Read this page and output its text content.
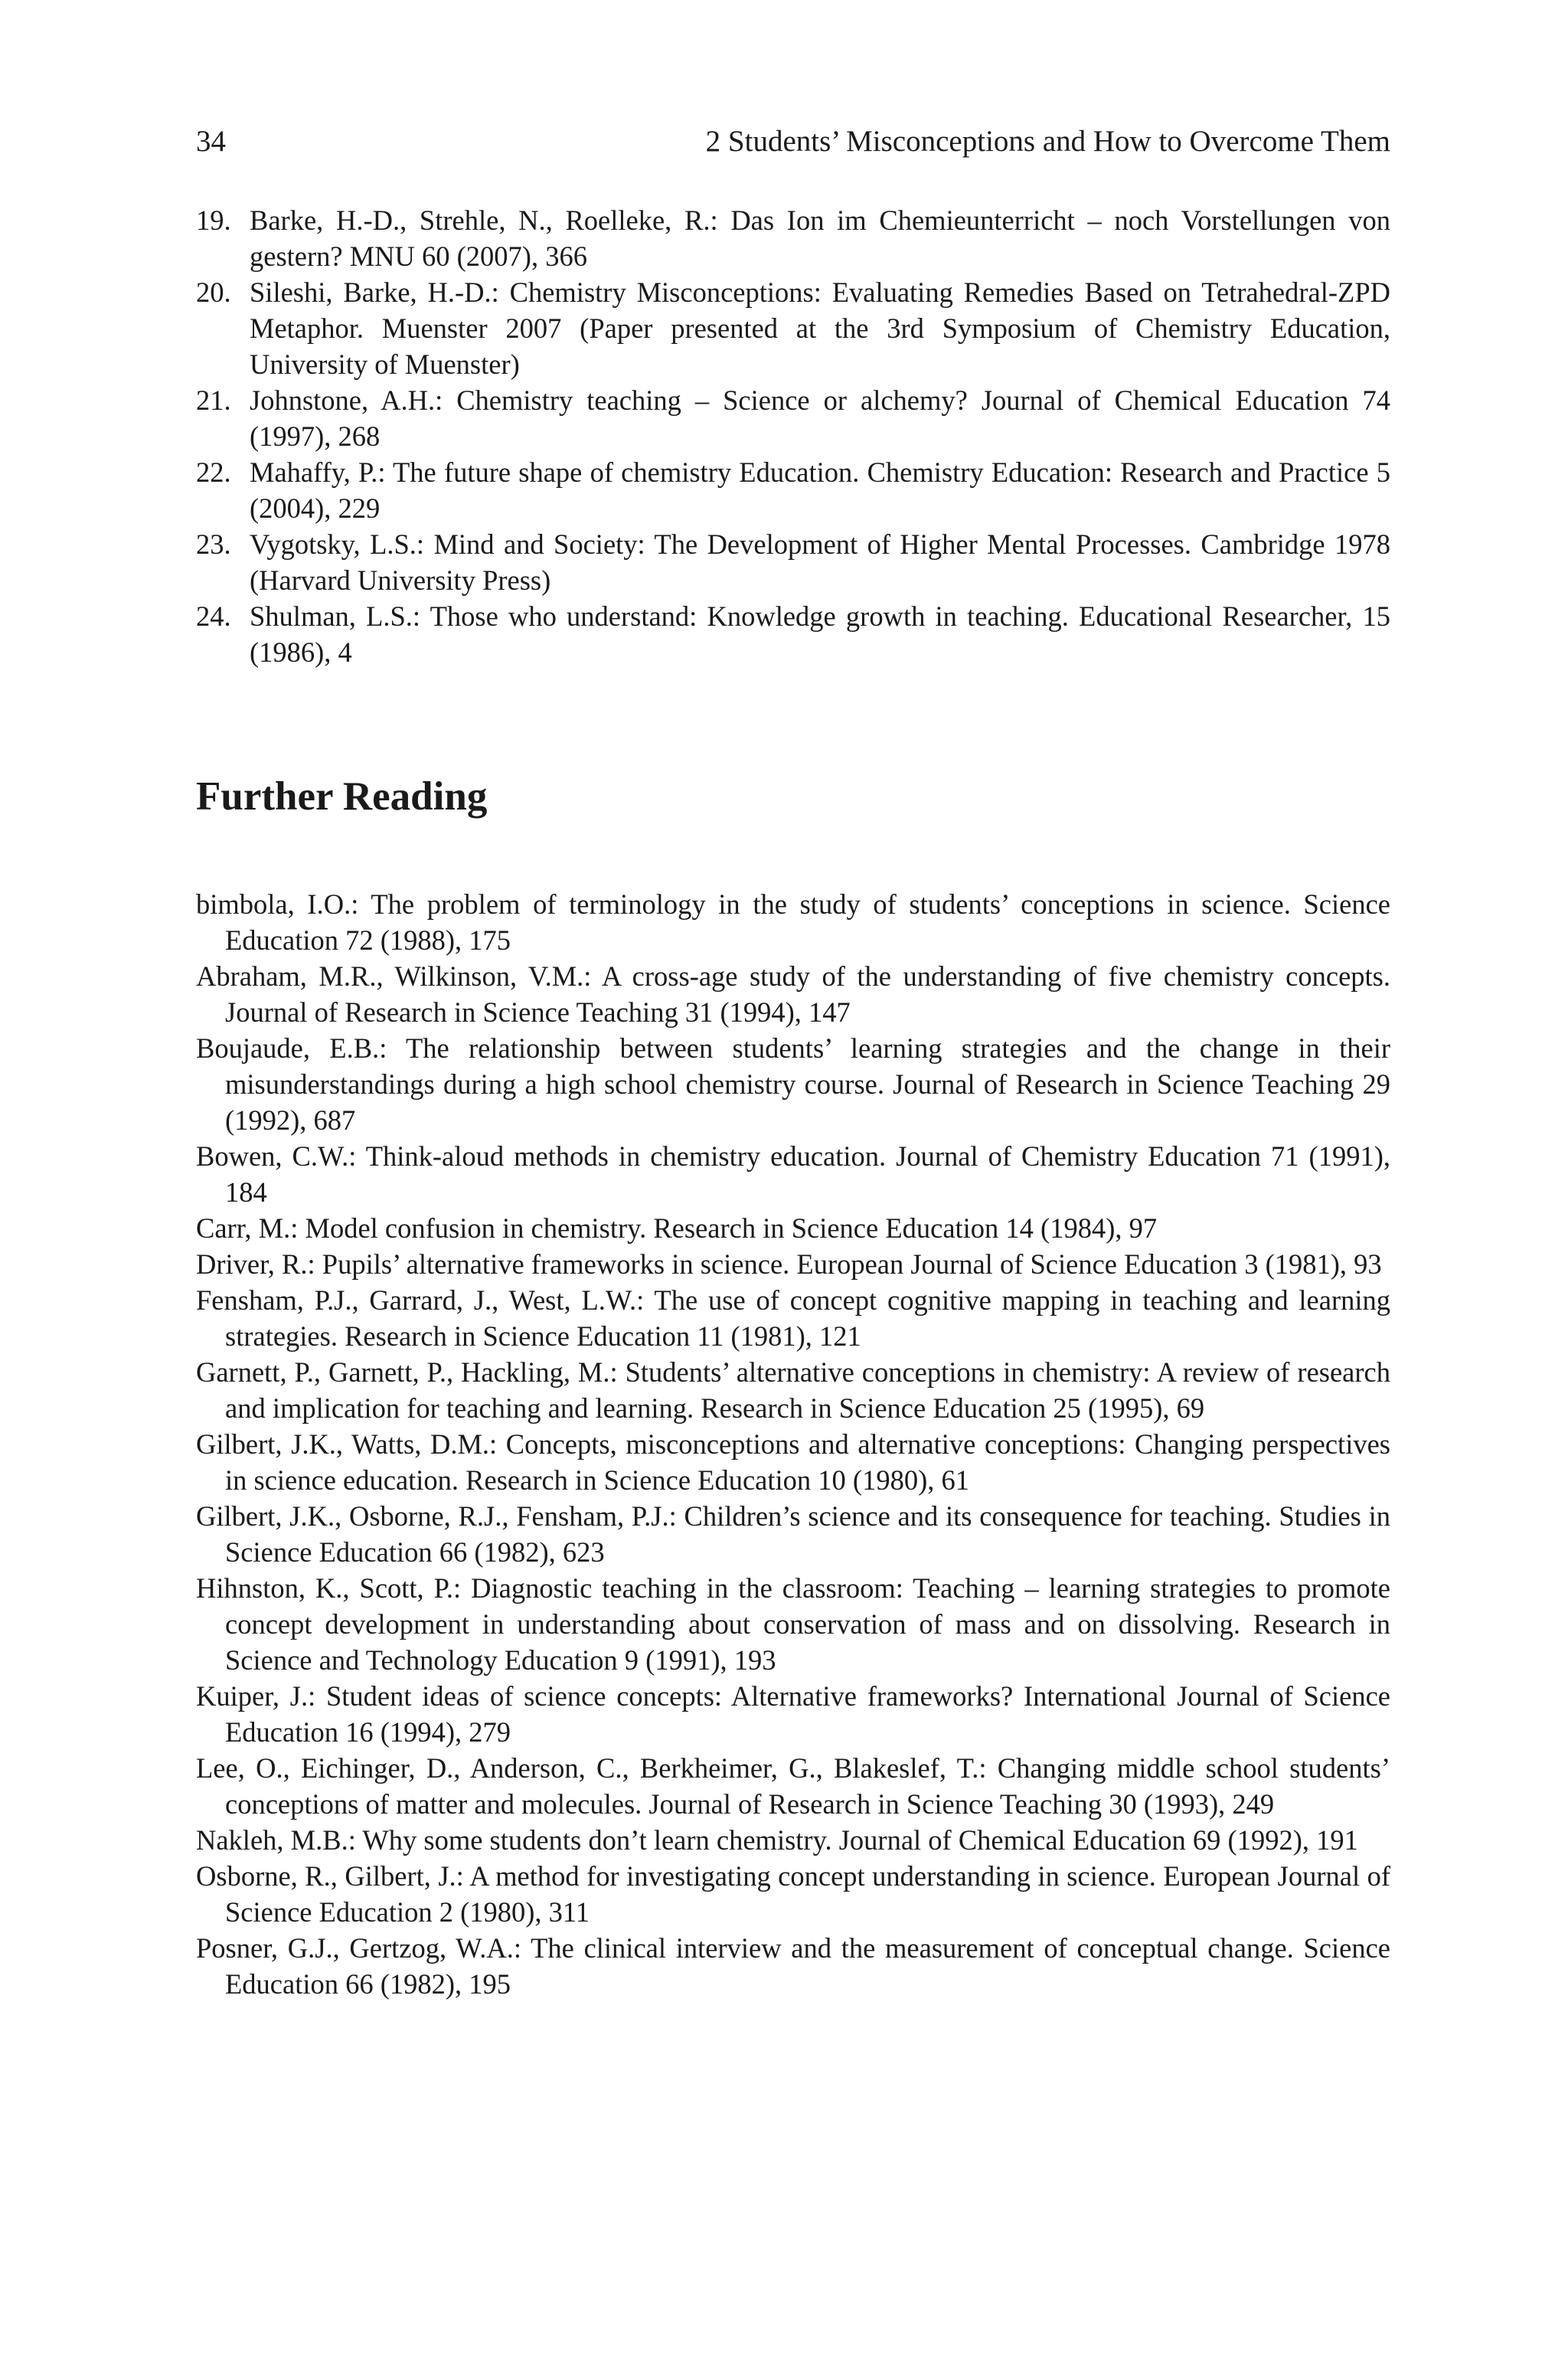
34	2 Students’ Misconceptions and How to Overcome Them
19. Barke, H.-D., Strehle, N., Roelleke, R.: Das Ion im Chemieunterricht – noch Vorstellungen von gestern? MNU 60 (2007), 366
20. Sileshi, Barke, H.-D.: Chemistry Misconceptions: Evaluating Remedies Based on Tetrahedral-ZPD Metaphor. Muenster 2007 (Paper presented at the 3rd Symposium of Chemistry Education, University of Muenster)
21. Johnstone, A.H.: Chemistry teaching – Science or alchemy? Journal of Chemical Education 74 (1997), 268
22. Mahaffy, P.: The future shape of chemistry Education. Chemistry Education: Research and Practice 5 (2004), 229
23. Vygotsky, L.S.: Mind and Society: The Development of Higher Mental Processes. Cambridge 1978 (Harvard University Press)
24. Shulman, L.S.: Those who understand: Knowledge growth in teaching. Educational Researcher, 15 (1986), 4
Further Reading
bimbola, I.O.: The problem of terminology in the study of students’ conceptions in science. Science Education 72 (1988), 175
Abraham, M.R., Wilkinson, V.M.: A cross-age study of the understanding of five chemistry concepts. Journal of Research in Science Teaching 31 (1994), 147
Boujaude, E.B.: The relationship between students’ learning strategies and the change in their misunderstandings during a high school chemistry course. Journal of Research in Science Teaching 29 (1992), 687
Bowen, C.W.: Think-aloud methods in chemistry education. Journal of Chemistry Education 71 (1991), 184
Carr, M.: Model confusion in chemistry. Research in Science Education 14 (1984), 97
Driver, R.: Pupils’ alternative frameworks in science. European Journal of Science Education 3 (1981), 93
Fensham, P.J., Garrard, J., West, L.W.: The use of concept cognitive mapping in teaching and learning strategies. Research in Science Education 11 (1981), 121
Garnett, P., Garnett, P., Hackling, M.: Students’ alternative conceptions in chemistry: A review of research and implication for teaching and learning. Research in Science Education 25 (1995), 69
Gilbert, J.K., Watts, D.M.: Concepts, misconceptions and alternative conceptions: Changing perspectives in science education. Research in Science Education 10 (1980), 61
Gilbert, J.K., Osborne, R.J., Fensham, P.J.: Children’s science and its consequence for teaching. Studies in Science Education 66 (1982), 623
Hihnston, K., Scott, P.: Diagnostic teaching in the classroom: Teaching – learning strategies to promote concept development in understanding about conservation of mass and on dissolving. Research in Science and Technology Education 9 (1991), 193
Kuiper, J.: Student ideas of science concepts: Alternative frameworks? International Journal of Science Education 16 (1994), 279
Lee, O., Eichinger, D., Anderson, C., Berkheimer, G., Blakeslef, T.: Changing middle school students’ conceptions of matter and molecules. Journal of Research in Science Teaching 30 (1993), 249
Nakleh, M.B.: Why some students don’t learn chemistry. Journal of Chemical Education 69 (1992), 191
Osborne, R., Gilbert, J.: A method for investigating concept understanding in science. European Journal of Science Education 2 (1980), 311
Posner, G.J., Gertzog, W.A.: The clinical interview and the measurement of conceptual change. Science Education 66 (1982), 195
